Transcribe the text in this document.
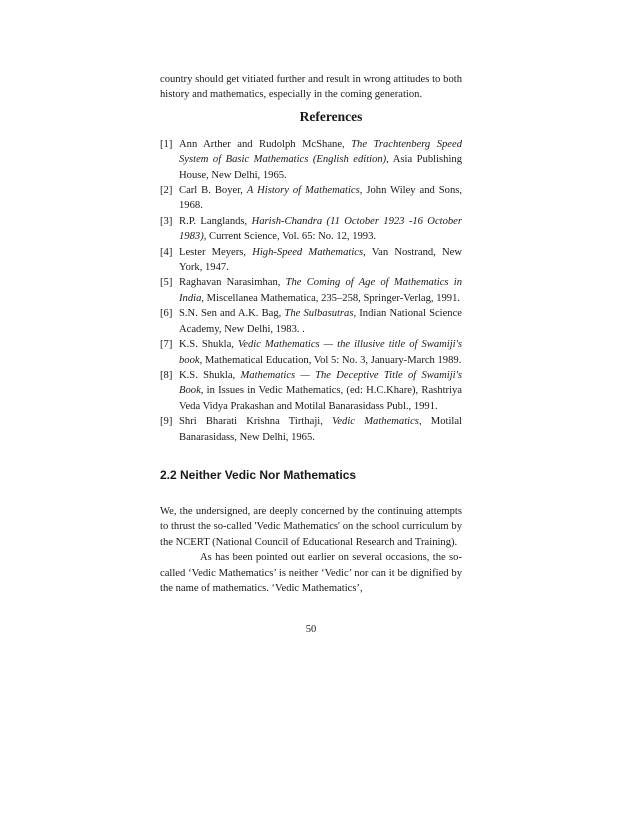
country should get vitiated further and result in wrong attitudes to both history and mathematics, especially in the coming generation.

References
[1] Ann Arther and Rudolph McShane, The Trachtenberg Speed System of Basic Mathematics (English edition), Asia Publishing House, New Delhi, 1965.
[2] Carl B. Boyer, A History of Mathematics, John Wiley and Sons, 1968.
[3] R.P. Langlands, Harish-Chandra (11 October 1923 -16 October 1983), Current Science, Vol. 65: No. 12, 1993.
[4] Lester Meyers, High-Speed Mathematics, Van Nostrand, New York, 1947.
[5] Raghavan Narasimhan, The Coming of Age of Mathematics in India, Miscellanea Mathematica, 235–258, Springer-Verlag, 1991.
[6] S.N. Sen and A.K. Bag, The Sulbasutras, Indian National Science Academy, New Delhi, 1983. .
[7] K.S. Shukla, Vedic Mathematics — the illusive title of Swamiji's book, Mathematical Education, Vol 5: No. 3, January-March 1989.
[8] K.S. Shukla, Mathematics — The Deceptive Title of Swamiji's Book, in Issues in Vedic Mathematics, (ed: H.C.Khare), Rashtriya Veda Vidya Prakashan and Motilal Banarasidass Publ., 1991.
[9] Shri Bharati Krishna Tirthaji, Vedic Mathematics, Motilal Banarasidass, New Delhi, 1965.
2.2 Neither Vedic Nor Mathematics

We, the undersigned, are deeply concerned by the continuing attempts to thrust the so-called 'Vedic Mathematics' on the school curriculum by the NCERT (National Council of Educational Research and Training).

As has been pointed out earlier on several occasions, the so-called ‘Vedic Mathematics’ is neither ‘Vedic’ nor can it be dignified by the name of mathematics. ‘Vedic Mathematics’,

50
